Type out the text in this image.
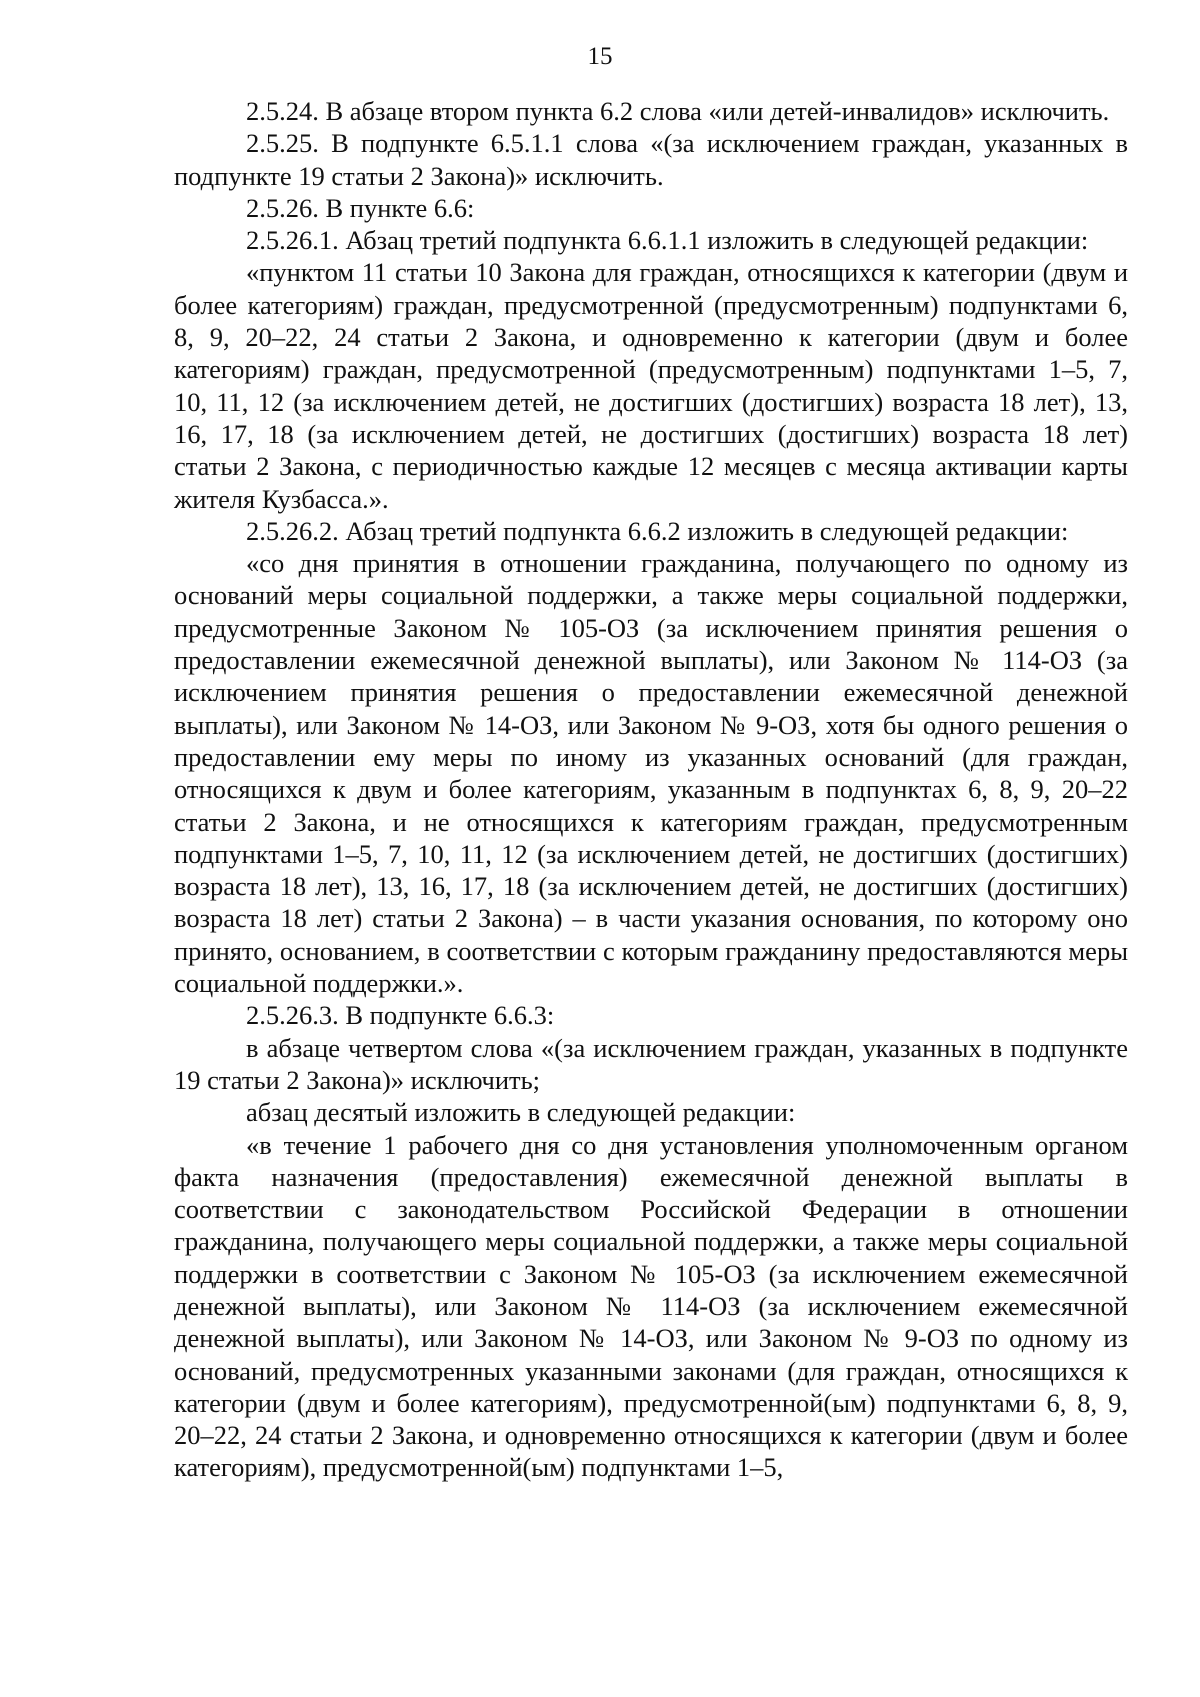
15

2.5.24. В абзаце втором пункта 6.2 слова «или детей-инвалидов» исключить.

2.5.25. В подпункте 6.5.1.1 слова «(за исключением граждан, указанных в подпункте 19 статьи 2 Закона)» исключить.

2.5.26. В пункте 6.6:

2.5.26.1. Абзац третий подпункта 6.6.1.1 изложить в следующей редакции:

«пунктом 11 статьи 10 Закона для граждан, относящихся к категории (двум и более категориям) граждан, предусмотренной (предусмотренным) подпунктами 6, 8, 9, 20–22, 24 статьи 2 Закона, и одновременно к категории (двум и более категориям) граждан, предусмотренной (предусмотренным) подпунктами 1–5, 7, 10, 11, 12 (за исключением детей, не достигших (достигших) возраста 18 лет), 13, 16, 17, 18 (за исключением детей, не достигших (достигших) возраста 18 лет) статьи 2 Закона, с периодичностью каждые 12 месяцев с месяца активации карты жителя Кузбасса.».

2.5.26.2. Абзац третий подпункта 6.6.2 изложить в следующей редакции:

«со дня принятия в отношении гражданина, получающего по одному из оснований меры социальной поддержки, а также меры социальной поддержки, предусмотренные Законом № 105-ОЗ (за исключением принятия решения о предоставлении ежемесячной денежной выплаты), или Законом № 114-ОЗ (за исключением принятия решения о предоставлении ежемесячной денежной выплаты), или Законом № 14-ОЗ, или Законом № 9-ОЗ, хотя бы одного решения о предоставлении ему меры по иному из указанных оснований (для граждан, относящихся к двум и более категориям, указанным в подпунктах 6, 8, 9, 20–22 статьи 2 Закона, и не относящихся к категориям граждан, предусмотренным подпунктами 1–5, 7, 10, 11, 12 (за исключением детей, не достигших (достигших) возраста 18 лет), 13, 16, 17, 18 (за исключением детей, не достигших (достигших) возраста 18 лет) статьи 2 Закона) – в части указания основания, по которому оно принято, основанием, в соответствии с которым гражданину предоставляются меры социальной поддержки.».

2.5.26.3. В подпункте 6.6.3:

в абзаце четвертом слова «(за исключением граждан, указанных в подпункте 19 статьи 2 Закона)» исключить;

абзац десятый изложить в следующей редакции:

«в течение 1 рабочего дня со дня установления уполномоченным органом факта назначения (предоставления) ежемесячной денежной выплаты в соответствии с законодательством Российской Федерации в отношении гражданина, получающего меры социальной поддержки, а также меры социальной поддержки в соответствии с Законом № 105-ОЗ (за исключением ежемесячной денежной выплаты), или Законом № 114-ОЗ (за исключением ежемесячной денежной выплаты), или Законом № 14-ОЗ, или Законом № 9-ОЗ по одному из оснований, предусмотренных указанными законами (для граждан, относящихся к категории (двум и более категориям), предусмотренной(ым) подпунктами 6, 8, 9, 20–22, 24 статьи 2 Закона, и одновременно относящихся к категории (двум и более категориям), предусмотренной(ым) подпунктами 1–5,
